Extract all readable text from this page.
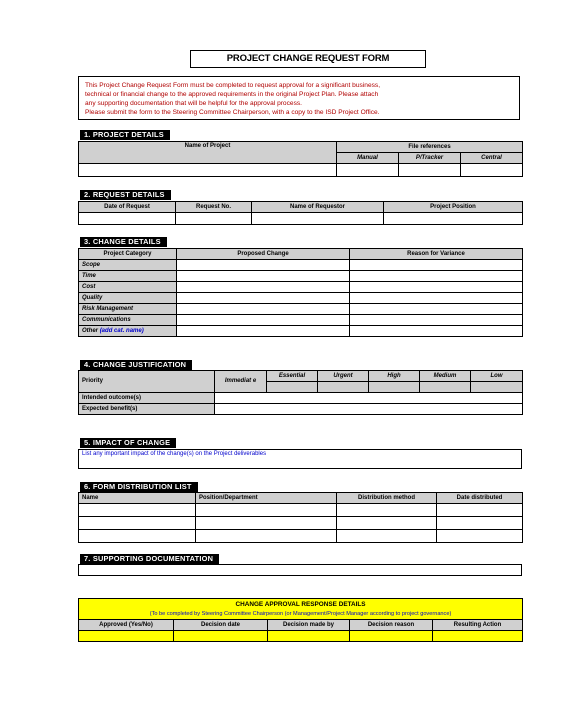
PROJECT CHANGE REQUEST FORM
This Project Change Request Form must be completed to request approval for a significant business,
technical or financial change to the approved requirements in the original Project Plan. Please attach
any supporting documentation that will be helpful for the approval process.
Please submit the form to the Steering Committee Chairperson, with a copy to the ISD Project Office.
1. PROJECT DETAILS
Name of Project	File references		
	Manual	P/Tracker	Central

2. REQUEST DETAILS
Date of Request	Request No.	Name of Requestor	Project Position

3. CHANGE DETAILS
Project Category	Proposed Change	Reason for Variance
Scope		
Time		
Cost		
Quality		
Risk Management		
Communications		
Other (add cat. name)		
4. CHANGE JUSTIFICATION
Priority	Immediat e	Essential	Urgent	High	Medium	Low

Intended outcome(s)						
Expected benefit(s)						
5. IMPACT OF CHANGE
List any important impact of the change(s) on the Project deliverables
6. FORM DISTRIBUTION LIST
Name	Position/Department	Distribution method	Date distributed

7. SUPPORTING DOCUMENTATION
CHANGE APPROVAL RESPONSE DETAILS				
(To be completed by Steering Committee Chairperson (or Management/Project Manager according to project governance)				
Approved (Yes/No)	Decision date	Decision made by	Decision reason	Resulting Action
